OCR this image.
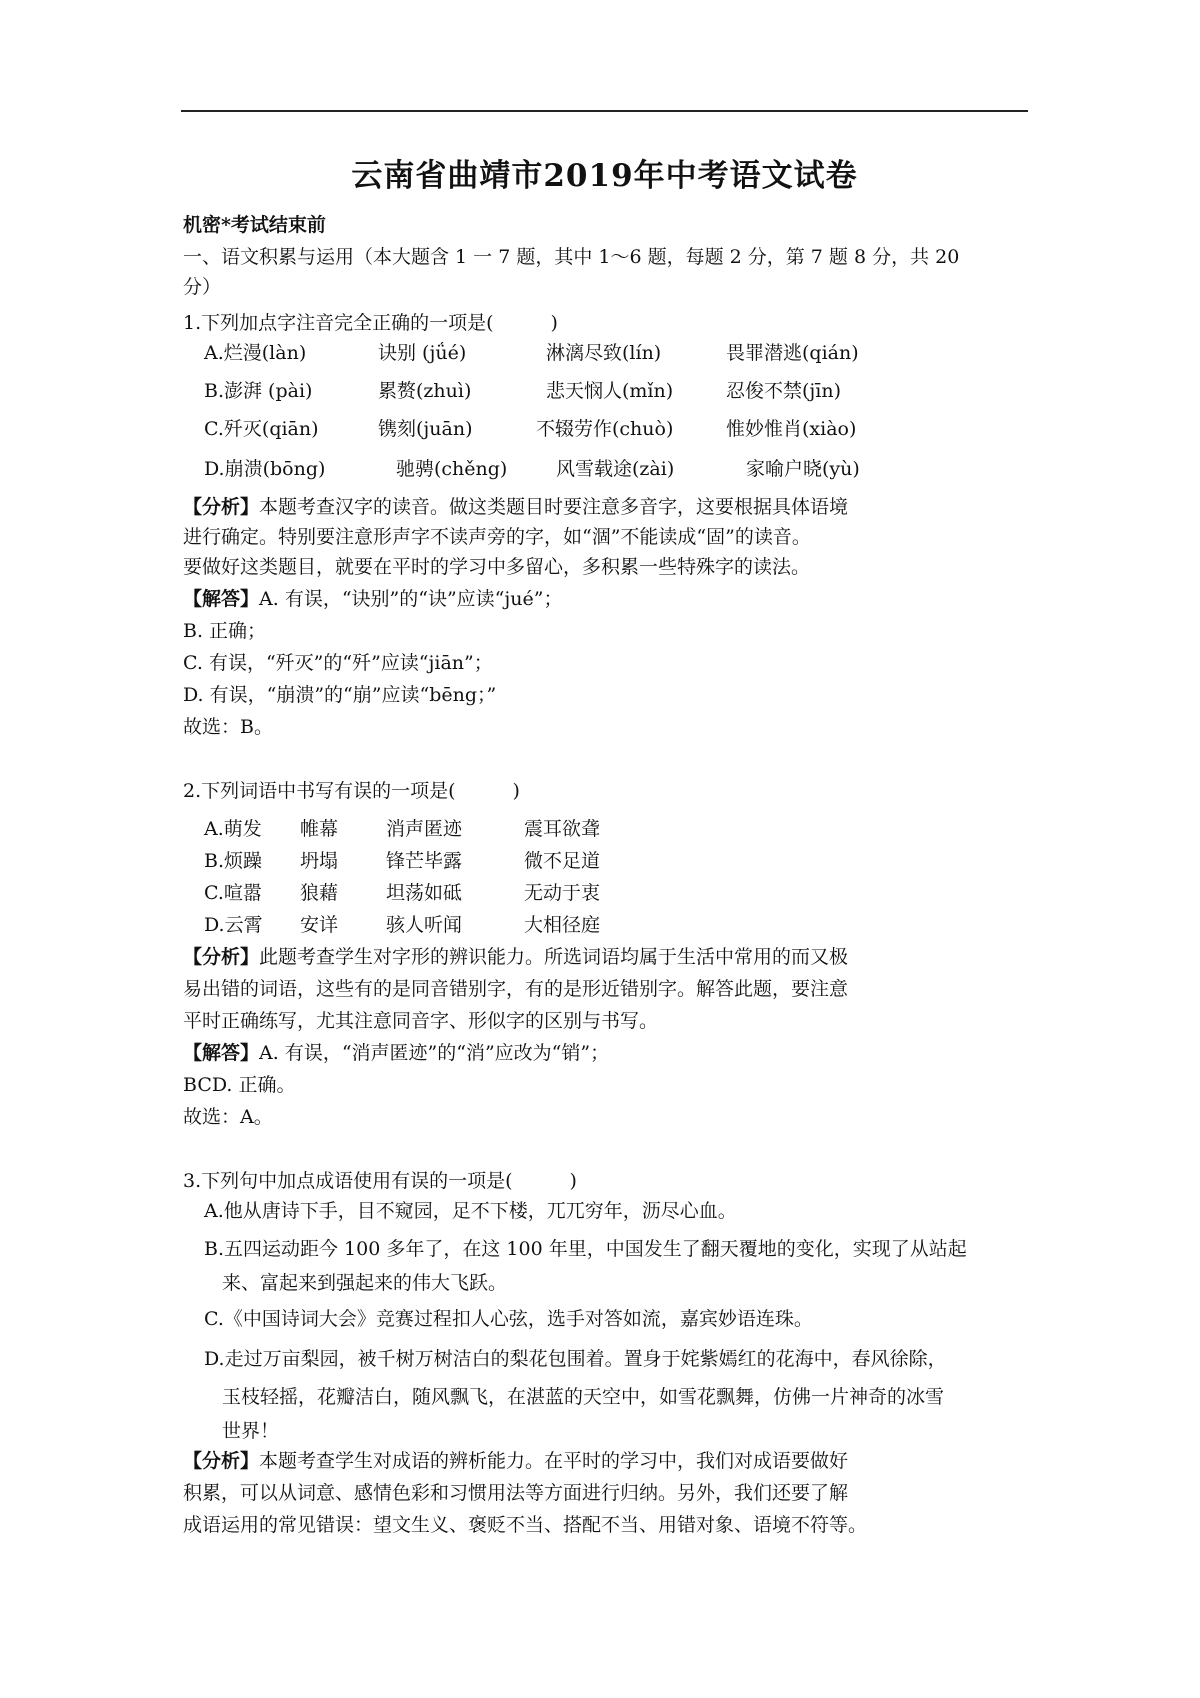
云南省曲靖市2019年中考语文试卷
机密*考试结束前
一、语文积累与运用（本大题含 1 一 7 题，其中 1～6 题，每题 2 分，第 7 题 8 分，共 20
分）
1.下列加点字注音完全正确的一项是(　　　)
A.烂漫(làn)	诀别 (jǘé)	淋漓尽致(lín)	畏罪潜逃(qián)
B.澎湃 (pài)	累赘(zhuì)	悲天悯人(mǐn)	忍俊不禁(jīn)
C.歼灭(qiān)	镌刻(juān)	不辍劳作(chuò)	惟妙惟肖(xiào)
D.崩溃(bōng)	驰骋(chěng)	风雪载途(zài)	家喻户晓(yù)
【分析】本题考查汉字的读音。做这类题目时要注意多音字，这要根据具体语境
进行确定。特别要注意形声字不读声旁的字，如“涸”不能读成“固”的读音。
要做好这类题目，就要在平时的学习中多留心，多积累一些特殊字的读法。
【解答】A. 有误，“诀别”的“诀”应读“jué”；
B. 正确；
C. 有误，“歼灭”的“歼”应读“jiān”；
D. 有误，“崩溃”的“崩”应读“bēng；”
故选：B。
2.下列词语中书写有误的一项是(　　　)
A.萌发 帷幕	消声匿迹	震耳欲聋
B.烦躁 坍塌	锋芒毕露	微不足道
C.喧嚣 狼藉	坦荡如砥	无动于衷
D.云霄 安详	骇人听闻	大相径庭
【分析】此题考查学生对字形的辨识能力。所选词语均属于生活中常用的而又极
易出错的词语，这些有的是同音错别字，有的是形近错别字。解答此题，要注意
平时正确练写，尤其注意同音字、形似字的区别与书写。
【解答】A. 有误，“消声匿迹”的“消”应改为“销”；
BCD. 正确。
故选：A。
3.下列句中加点成语使用有误的一项是(　　　)
A.他从唐诗下手，目不窥园，足不下楼，兀兀穷年，沥尽心血。
B.五四运动距今 100 多年了，在这 100 年里，中国发生了翻天覆地的变化，实现了从站起
来、富起来到强起来的伟大飞跃。
C.《中国诗词大会》竞赛过程扣人心弦，选手对答如流，嘉宾妙语连珠。
D.走过万亩梨园，被千树万树洁白的梨花包围着。置身于姹紫嫣红的花海中，春风徐除，
玉枝轻摇，花瓣洁白，随风飘飞，在湛蓝的天空中，如雪花飘舞，仿佛一片神奇的冰雪
世界！
【分析】本题考查学生对成语的辨析能力。在平时的学习中，我们对成语要做好
积累，可以从词意、感情色彩和习惯用法等方面进行归纳。另外，我们还要了解
成语运用的常见错误：望文生义、褒贬不当、搭配不当、用错对象、语境不符等。
